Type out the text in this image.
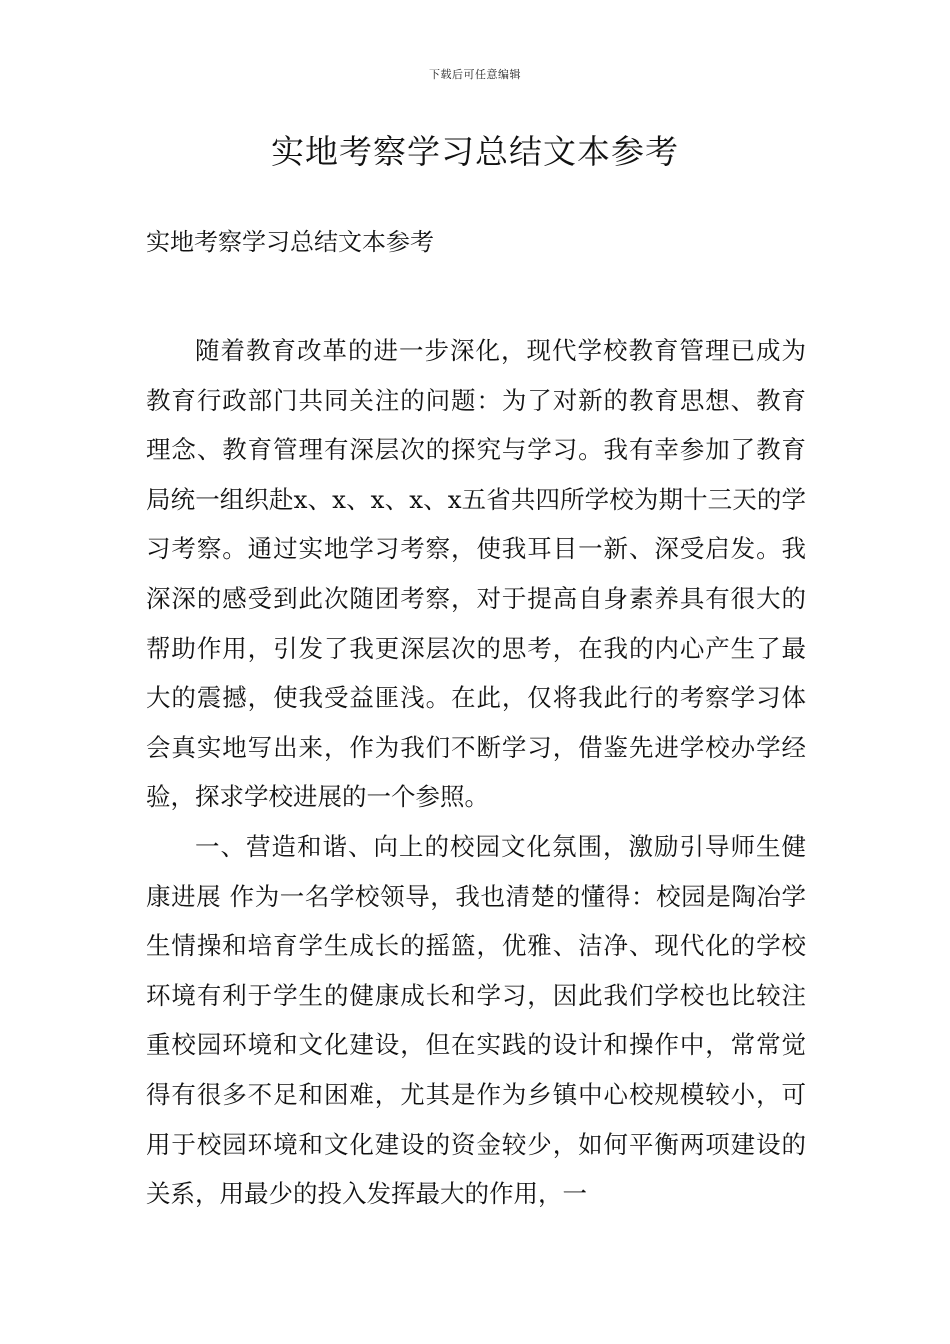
下载后可任意编辑
实地考察学习总结文本参考
实地考察学习总结文本参考

随着教育改革的进一步深化，现代学校教育管理已成为教育行政部门共同关注的问题：为了对新的教育思想、教育理念、教育管理有深层次的探究与学习。我有幸参加了教育局统一组织赴x、x、x、x、x五省共四所学校为期十三天的学习考察。通过实地学习考察，使我耳目一新、深受启发。我深深的感受到此次随团考察，对于提高自身素养具有很大的帮助作用，引发了我更深层次的思考，在我的内心产生了最大的震撼，使我受益匪浅。在此，仅将我此行的考察学习体会真实地写出来，作为我们不断学习，借鉴先进学校办学经验，探求学校进展的一个参照。

一、营造和谐、向上的校园文化氛围，激励引导师生健康进展 作为一名学校领导，我也清楚的懂得：校园是陶冶学生情操和培育学生成长的摇篮，优雅、洁净、现代化的学校环境有利于学生的健康成长和学习，因此我们学校也比较注重校园环境和文化建设，但在实践的设计和操作中，常常觉得有很多不足和困难，尤其是作为乡镇中心校规模较小，可用于校园环境和文化建设的资金较少，如何平衡两项建设的关系，用最少的投入发挥最大的作用，一
